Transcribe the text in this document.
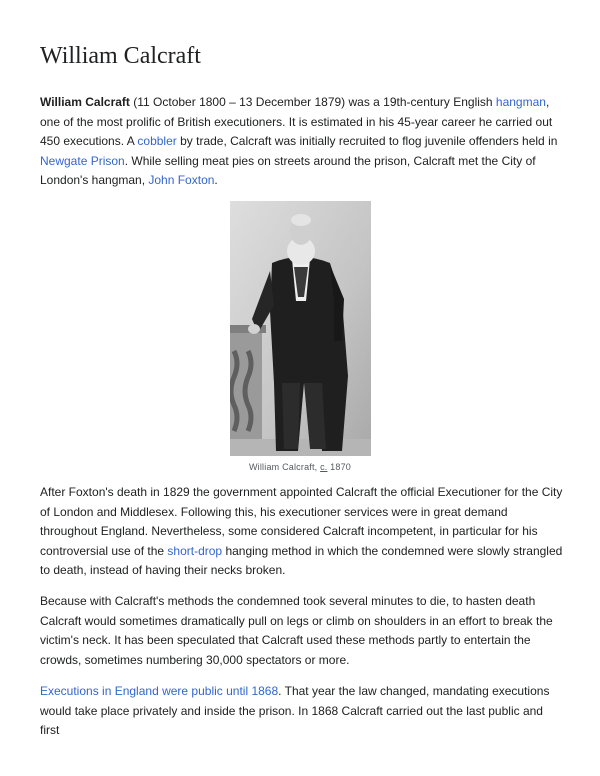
William Calcraft

William Calcraft (11 October 1800 – 13 December 1879) was a 19th-century English hangman, one of the most prolific of British executioners. It is estimated in his 45-year career he carried out 450 executions. A cobbler by trade, Calcraft was initially recruited to flog juvenile offenders held in Newgate Prison. While selling meat pies on streets around the prison, Calcraft met the City of London's hangman, John Foxton.

William Calcraft, c. 1870

After Foxton's death in 1829 the government appointed Calcraft the official Executioner for the City of London and Middlesex. Following this, his executioner services were in great demand throughout England. Nevertheless, some considered Calcraft incompetent, in particular for his controversial use of the short-drop hanging method in which the condemned were slowly strangled to death, instead of having their necks broken.

Because with Calcraft's methods the condemned took several minutes to die, to hasten death Calcraft would sometimes dramatically pull on legs or climb on shoulders in an effort to break the victim's neck. It has been speculated that Calcraft used these methods partly to entertain the crowds, sometimes numbering 30,000 spectators or more.

Executions in England were public until 1868. That year the law changed, mandating executions would take place privately and inside the prison. In 1868 Calcraft carried out the last public and first
